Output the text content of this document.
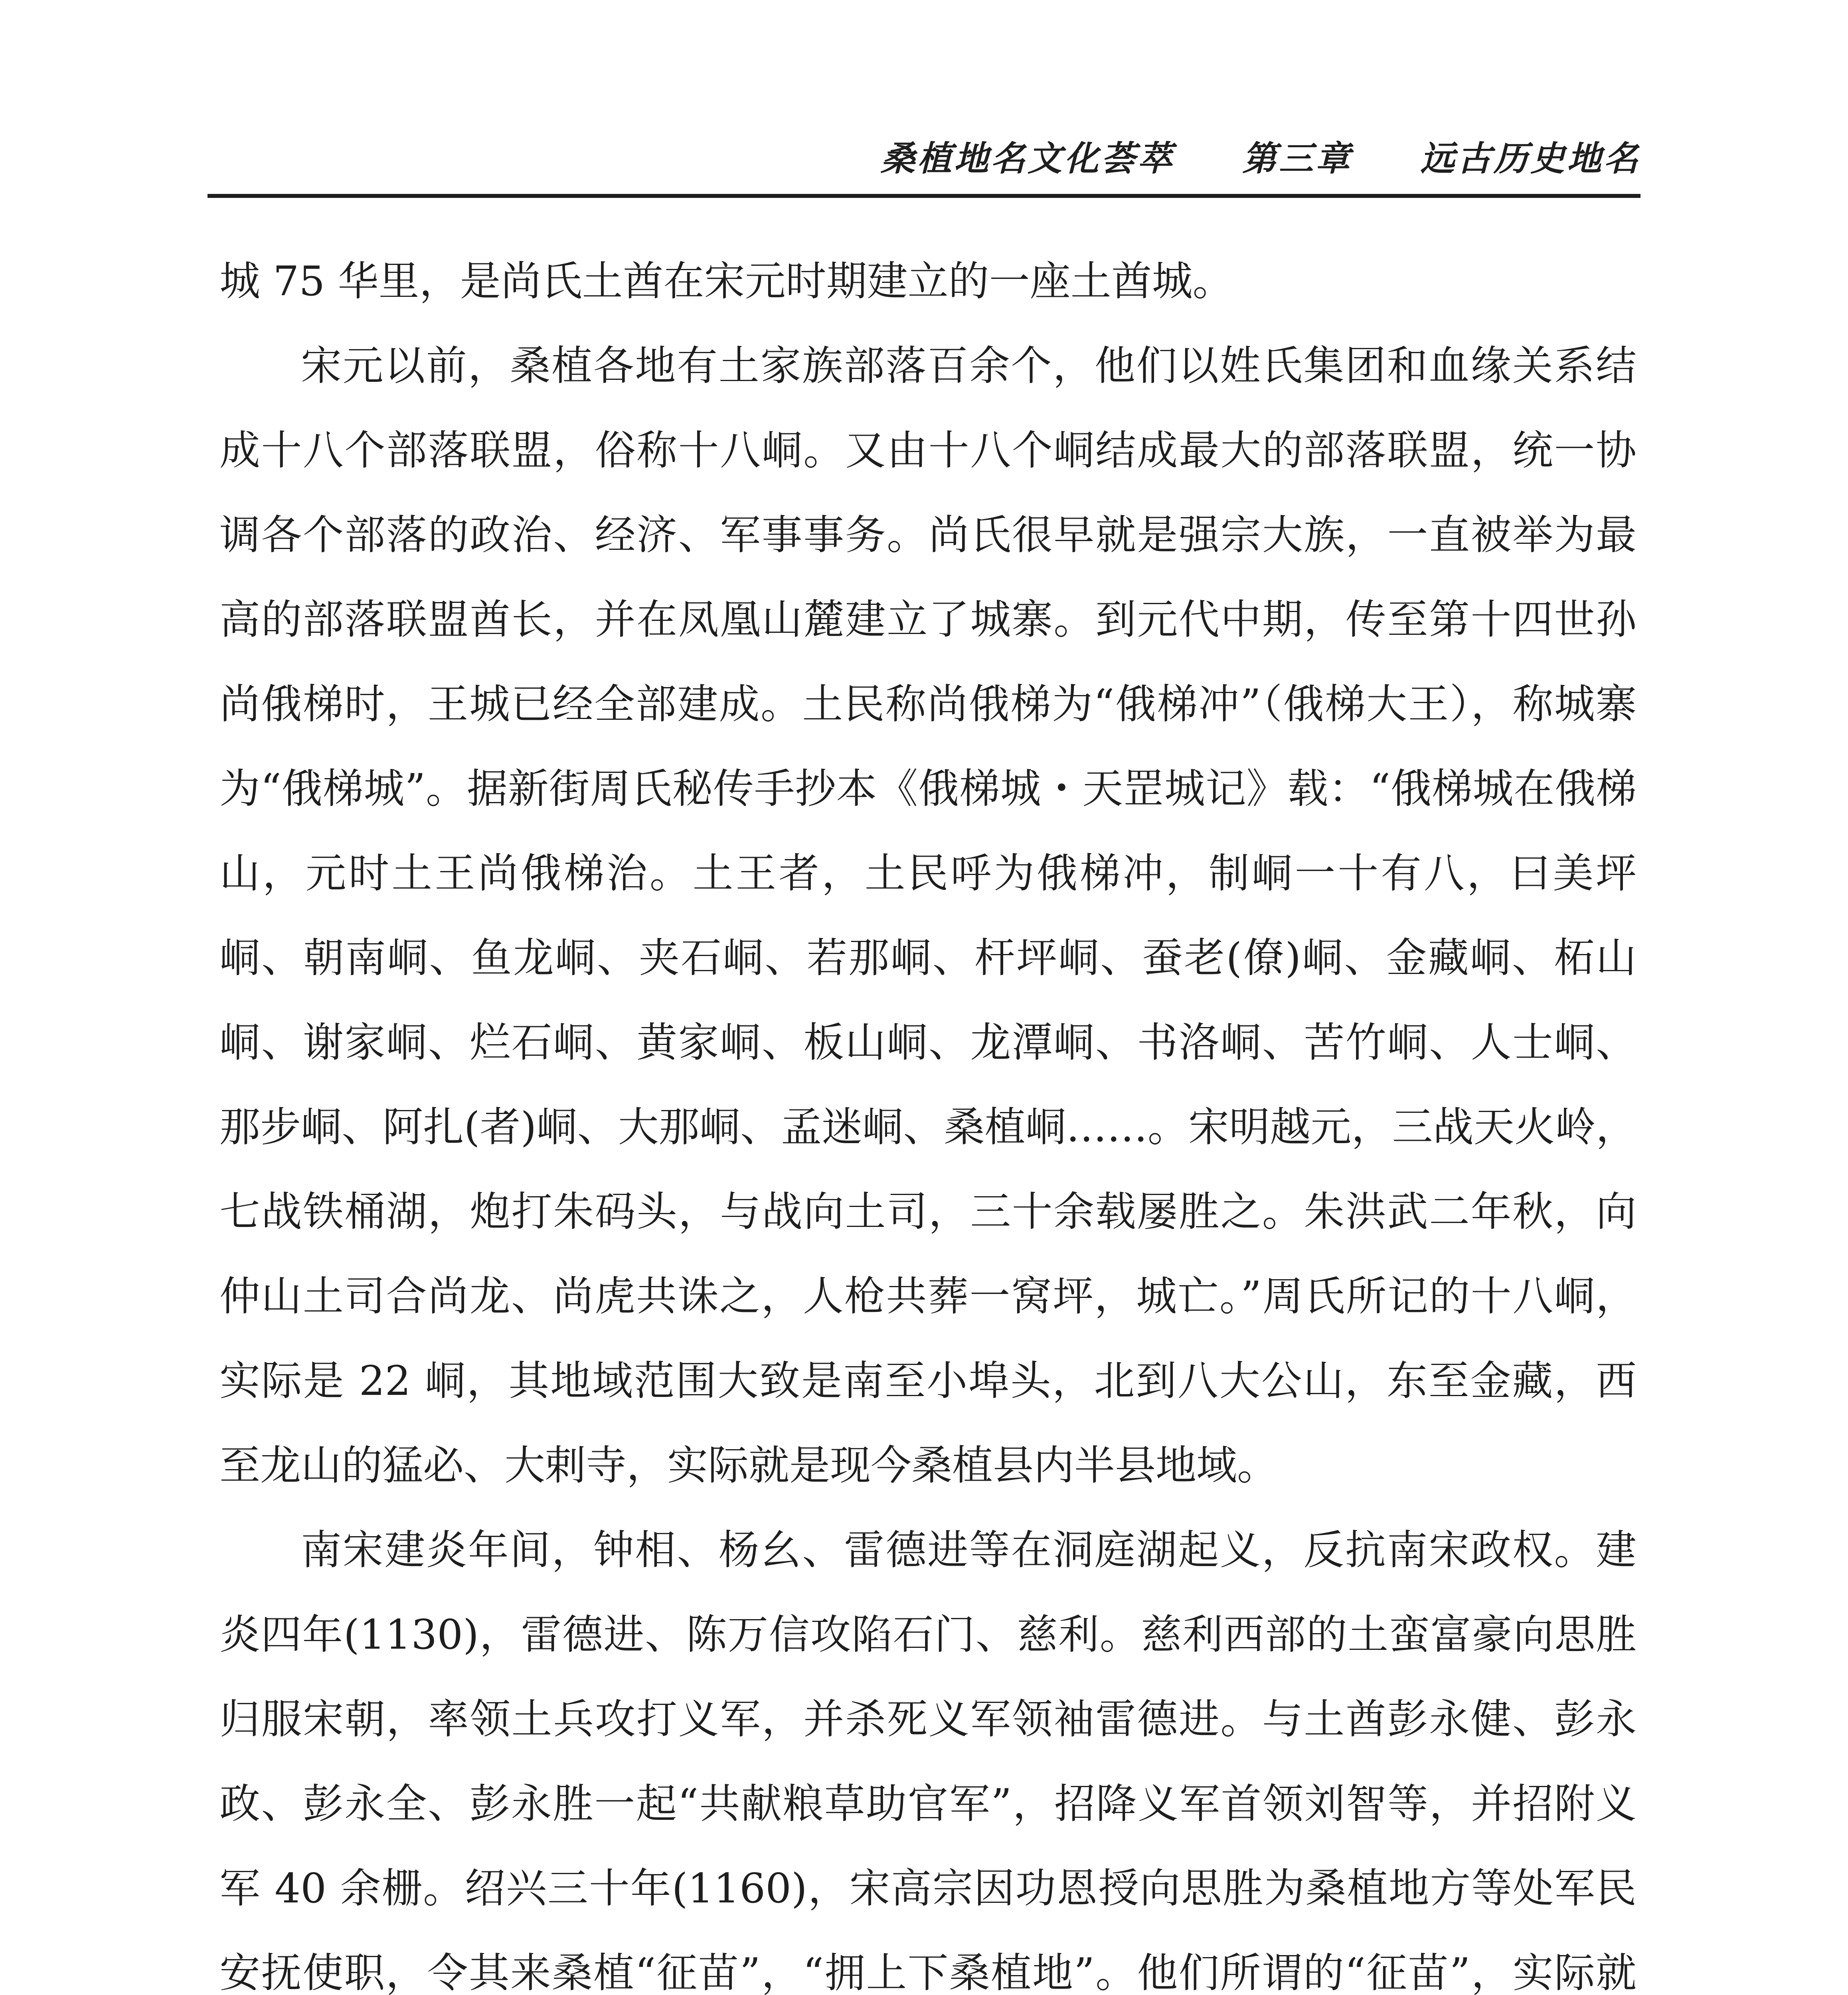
桑植地名文化荟萃 第三章 远古历史地名

城 75 华里，是尚氏土酋在宋元时期建立的一座土酋城。

宋元以前，桑植各地有土家族部落百余个，他们以姓氏集团和血缘关系结成十八个部落联盟，俗称十八峒。又由十八个峒结成最大的部落联盟，统一协调各个部落的政治、经济、军事事务。尚氏很早就是强宗大族，一直被举为最高的部落联盟酋长，并在凤凰山麓建立了城寨。到元代中期，传至第十四世孙尚俄梯时，王城已经全部建成。土民称尚俄梯为“俄梯冲”（俄梯大王），称城寨为“俄梯城”。据新街周氏秘传手抄本《俄梯城・天罡城记》载：“俄梯城在俄梯山，元时土王尚俄梯治。土王者，土民呼为俄梯冲，制峒一十有八，曰美坪峒、朝南峒、鱼龙峒、夹石峒、若那峒、杆坪峒、蚕老(僚)峒、金藏峒、柘山峒、谢家峒、烂石峒、黄家峒、板山峒、龙潭峒、书洛峒、苦竹峒、人士峒、那步峒、阿扎(者)峒、大那峒、孟迷峒、桑植峒……。宋明越元，三战天火岭，七战铁桶湖，炮打朱码头，与战向土司，三十余载屡胜之。朱洪武二年秋，向仲山土司合尚龙、尚虎共诛之，人枪共葬一窝坪，城亡。”周氏所记的十八峒，实际是 22 峒，其地域范围大致是南至小埠头，北到八大公山，东至金藏，西至龙山的猛必、大剌寺，实际就是现今桑植县内半县地域。

南宋建炎年间，钟相、杨幺、雷德进等在洞庭湖起义，反抗南宋政权。建炎四年(1130)，雷德进、陈万信攻陷石门、慈利。慈利西部的土蛮富豪向思胜归服宋朝，率领土兵攻打义军，并杀死义军领袖雷德进。与土酋彭永健、彭永政、彭永全、彭永胜一起“共献粮草助官军”，招降义军首领刘智等，并招附义军 40 余栅。绍兴三十年(1160)，宋高宗因功恩授向思胜为桑植地方等处军民安抚使职，令其来桑植“征苗”，“拥上下桑植地”。他们所谓的“征苗”，实际就
